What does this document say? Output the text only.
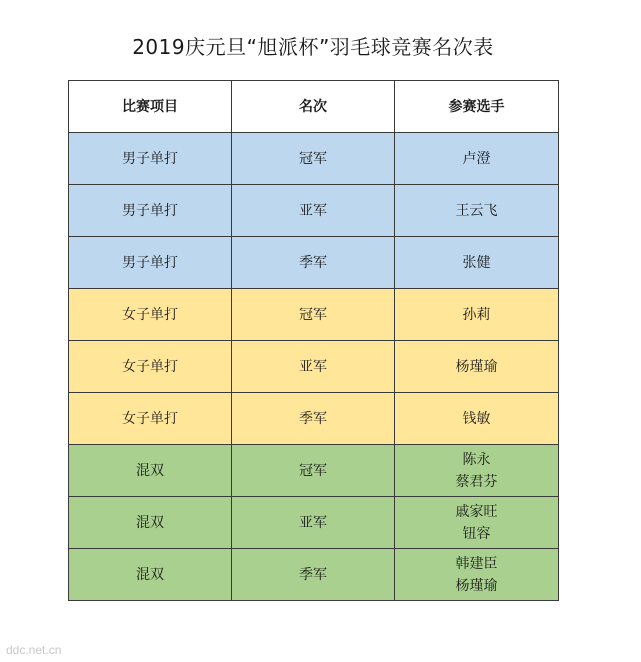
2019庆元旦“旭派杯”羽毛球竞赛名次表
比赛项目	名次	参赛选手
男子单打	冠军	卢澄

男子单打	亚军	王云飞

男子单打	季军	张健

女子单打	冠军	孙莉

女子单打	亚军	杨瑾瑜

女子单打	季军	钱敏

混双	冠军	陈永
蔡君芬

混双	亚军	戚家旺
钮容

混双	季军	韩建臣
杨瑾瑜
ddc.net.cn
